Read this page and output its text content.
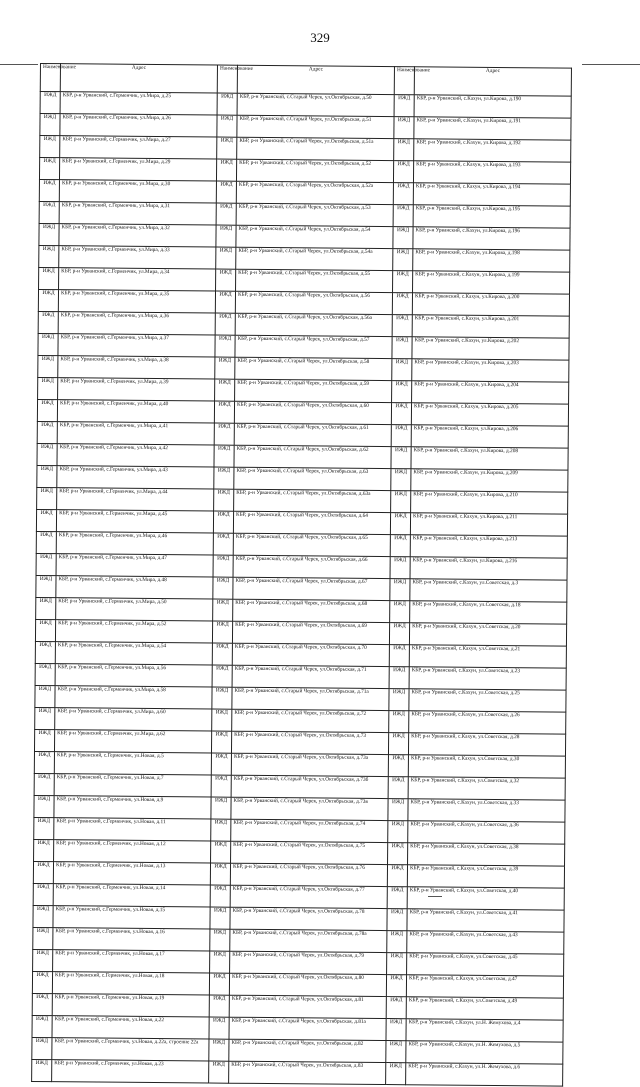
329
Наименование	Адрес	Наименование	Адрес	Наименование	Адрес
ИЖД	КБР, р-н Урванский, с.Герменчик, ул.Мира, д.25	ИЖД	КБР, р-н Урванский, с.Старый Черек, ул.Октябрьская, д.50	ИЖД	КБР, р-н Урванский, с.Кахун, ул.Кирова, д.190
ИЖД	КБР, р-н Урванский, с.Герменчик, ул.Мира, д.26	ИЖД	КБР, р-н Урванский, с.Старый Черек, ул.Октябрьская, д.51	ИЖД	КБР, р-н Урванский, с.Кахун, ул.Кирова, д.191
ИЖД	КБР, р-н Урванский, с.Герменчик, ул.Мира, д.27	ИЖД	КБР, р-н Урванский, с.Старый Черек, ул.Октябрьская, д.51а	ИЖД	КБР, р-н Урванский, с.Кахун, ул.Кирова, д.192
ИЖД	КБР, р-н Урванский, с.Герменчик, ул.Мира, д.29	ИЖД	КБР, р-н Урванский, с.Старый Черек, ул.Октябрьская, д.52	ИЖД	КБР, р-н Урванский, с.Кахун, ул.Кирова, д.193
ИЖД	КБР, р-н Урванский, с.Герменчик, ул.Мира, д.30	ИЖД	КБР, р-н Урванский, с.Старый Черек, ул.Октябрьская, д.52а	ИЖД	КБР, р-н Урванский, с.Кахун, ул.Кирова, д.194
ИЖД	КБР, р-н Урванский, с.Герменчик, ул.Мира, д.31	ИЖД	КБР, р-н Урванский, с.Старый Черек, ул.Октябрьская, д.53	ИЖД	КБР, р-н Урванский, с.Кахун, ул.Кирова, д.195
ИЖД	КБР, р-н Урванский, с.Герменчик, ул.Мира, д.32	ИЖД	КБР, р-н Урванский, с.Старый Черек, ул.Октябрьская, д.54	ИЖД	КБР, р-н Урванский, с.Кахун, ул.Кирова, д.196
ИЖД	КБР, р-н Урванский, с.Герменчик, ул.Мира, д.33	ИЖД	КБР, р-н Урванский, с.Старый Черек, ул.Октябрьская, д.54а	ИЖД	КБР, р-н Урванский, с.Кахун, ул.Кирова, д.198
ИЖД	КБР, р-н Урванский, с.Герменчик, ул.Мира, д.34	ИЖД	КБР, р-н Урванский, с.Старый Черек, ул.Октябрьская, д.55	ИЖД	КБР, р-н Урванский, с.Кахун, ул.Кирова, д.199
ИЖД	КБР, р-н Урванский, с.Герменчик, ул.Мира, д.35	ИЖД	КБР, р-н Урванский, с.Старый Черек, ул.Октябрьская, д.56	ИЖД	КБР, р-н Урванский, с.Кахун, ул.Кирова, д.200
ИЖД	КБР, р-н Урванский, с.Герменчик, ул.Мира, д.36	ИЖД	КБР, р-н Урванский, с.Старый Черек, ул.Октябрьская, д.56а	ИЖД	КБР, р-н Урванский, с.Кахун, ул.Кирова, д.201
ИЖД	КБР, р-н Урванский, с.Герменчик, ул.Мира, д.37	ИЖД	КБР, р-н Урванский, с.Старый Черек, ул.Октябрьская, д.57	ИЖД	КБР, р-н Урванский, с.Кахун, ул.Кирова, д.202
ИЖД	КБР, р-н Урванский, с.Герменчик, ул.Мира, д.38	ИЖД	КБР, р-н Урванский, с.Старый Черек, ул.Октябрьская, д.58	ИЖД	КБР, р-н Урванский, с.Кахун, ул.Кирова, д.203
ИЖД	КБР, р-н Урванский, с.Герменчик, ул.Мира, д.39	ИЖД	КБР, р-н Урванский, с.Старый Черек, ул.Октябрьская, д.59	ИЖД	КБР, р-н Урванский, с.Кахун, ул.Кирова, д.204
ИЖД	КБР, р-н Урванский, с.Герменчик, ул.Мира, д.40	ИЖД	КБР, р-н Урванский, с.Старый Черек, ул.Октябрьская, д.60	ИЖД	КБР, р-н Урванский, с.Кахун, ул.Кирова, д.205
ИЖД	КБР, р-н Урванский, с.Герменчик, ул.Мира, д.41	ИЖД	КБР, р-н Урванский, с.Старый Черек, ул.Октябрьская, д.61	ИЖД	КБР, р-н Урванский, с.Кахун, ул.Кирова, д.206
ИЖД	КБР, р-н Урванский, с.Герменчик, ул.Мира, д.42	ИЖД	КБР, р-н Урванский, с.Старый Черек, ул.Октябрьская, д.62	ИЖД	КБР, р-н Урванский, с.Кахун, ул.Кирова, д.208
ИЖД	КБР, р-н Урванский, с.Герменчик, ул.Мира, д.43	ИЖД	КБР, р-н Урванский, с.Старый Черек, ул.Октябрьская, д.63	ИЖД	КБР, р-н Урванский, с.Кахун, ул.Кирова, д.209
ИЖД	КБР, р-н Урванский, с.Герменчик, ул.Мира, д.44	ИЖД	КБР, р-н Урванский, с.Старый Черек, ул.Октябрьская, д.63а	ИЖД	КБР, р-н Урванский, с.Кахун, ул.Кирова, д.210
ИЖД	КБР, р-н Урванский, с.Герменчик, ул.Мира, д.45	ИЖД	КБР, р-н Урванский, с.Старый Черек, ул.Октябрьская, д.64	ИЖД	КБР, р-н Урванский, с.Кахун, ул.Кирова, д.211
ИЖД	КБР, р-н Урванский, с.Герменчик, ул.Мира, д.46	ИЖД	КБР, р-н Урванский, с.Старый Черек, ул.Октябрьская, д.65	ИЖД	КБР, р-н Урванский, с.Кахун, ул.Кирова, д.213
ИЖД	КБР, р-н Урванский, с.Герменчик, ул.Мира, д.47	ИЖД	КБР, р-н Урванский, с.Старый Черек, ул.Октябрьская, д.66	ИЖД	КБР, р-н Урванский, с.Кахун, ул.Кирова, д.216
ИЖД	КБР, р-н Урванский, с.Герменчик, ул.Мира, д.48	ИЖД	КБР, р-н Урванский, с.Старый Черек, ул.Октябрьская, д.67	ИЖД	КБР, р-н Урванский, с.Кахун, ул.Советская, д.3
ИЖД	КБР, р-н Урванский, с.Герменчик, ул.Мира, д.50	ИЖД	КБР, р-н Урванский, с.Старый Черек, ул.Октябрьская, д.68	ИЖД	КБР, р-н Урванский, с.Кахун, ул.Советская, д.18
ИЖД	КБР, р-н Урванский, с.Герменчик, ул.Мира, д.52	ИЖД	КБР, р-н Урванский, с.Старый Черек, ул.Октябрьская, д.69	ИЖД	КБР, р-н Урванский, с.Кахун, ул.Советская, д.20
ИЖД	КБР, р-н Урванский, с.Герменчик, ул.Мира, д.54	ИЖД	КБР, р-н Урванский, с.Старый Черек, ул.Октябрьская, д.70	ИЖД	КБР, р-н Урванский, с.Кахун, ул.Советская, д.21
ИЖД	КБР, р-н Урванский, с.Герменчик, ул.Мира, д.56	ИЖД	КБР, р-н Урванский, с.Старый Черек, ул.Октябрьская, д.71	ИЖД	КБР, р-н Урванский, с.Кахун, ул.Советская, д.23
ИЖД	КБР, р-н Урванский, с.Герменчик, ул.Мира, д.58	ИЖД	КБР, р-н Урванский, с.Старый Черек, ул.Октябрьская, д.71а	ИЖД	КБР, р-н Урванский, с.Кахун, ул.Советская, д.25
ИЖД	КБР, р-н Урванский, с.Герменчик, ул.Мира, д.60	ИЖД	КБР, р-н Урванский, с.Старый Черек, ул.Октябрьская, д.72	ИЖД	КБР, р-н Урванский, с.Кахун, ул.Советская, д.26
ИЖД	КБР, р-н Урванский, с.Герменчик, ул.Мира, д.62	ИЖД	КБР, р-н Урванский, с.Старый Черек, ул.Октябрьская, д.73	ИЖД	КБР, р-н Урванский, с.Кахун, ул.Советская, д.28
ИЖД	КБР, р-н Урванский, с.Герменчик, ул.Новая, д.5	ИЖД	КБР, р-н Урванский, с.Старый Черек, ул.Октябрьская, д.73а	ИЖД	КБР, р-н Урванский, с.Кахун, ул.Советская, д.30
ИЖД	КБР, р-н Урванский, с.Герменчик, ул.Новая, д.7	ИЖД	КБР, р-н Урванский, с.Старый Черек, ул.Октябрьская, д.73б	ИЖД	КБР, р-н Урванский, с.Кахун, ул.Советская, д.32
ИЖД	КБР, р-н Урванский, с.Герменчик, ул.Новая, д.9	ИЖД	КБР, р-н Урванский, с.Старый Черек, ул.Октябрьская, д.73в	ИЖД	КБР, р-н Урванский, с.Кахун, ул.Советская, д.33
ИЖД	КБР, р-н Урванский, с.Герменчик, ул.Новая, д.11	ИЖД	КБР, р-н Урванский, с.Старый Черек, ул.Октябрьская, д.74	ИЖД	КБР, р-н Урванский, с.Кахун, ул.Советская, д.36
ИЖД	КБР, р-н Урванский, с.Герменчик, ул.Новая, д.12	ИЖД	КБР, р-н Урванский, с.Старый Черек, ул.Октябрьская, д.75	ИЖД	КБР, р-н Урванский, с.Кахун, ул.Советская, д.38
ИЖД	КБР, р-н Урванский, с.Герменчик, ул.Новая, д.13	ИЖД	КБР, р-н Урванский, с.Старый Черек, ул.Октябрьская, д.76	ИЖД	КБР, р-н Урванский, с.Кахун, ул.Советская, д.39
ИЖД	КБР, р-н Урванский, с.Герменчик, ул.Новая, д.14	ИЖД	КБР, р-н Урванский, с.Старый Черек, ул.Октябрьская, д.77	ИЖД	КБР, р-н Урванский, с.Кахун, ул.Советская, д.40
ИЖД	КБР, р-н Урванский, с.Герменчик, ул.Новая, д.15	ИЖД	КБР, р-н Урванский, с.Старый Черек, ул.Октябрьская, д.78	ИЖД	КБР, р-н Урванский, с.Кахун, ул.Советская, д.41
ИЖД	КБР, р-н Урванский, с.Герменчик, ул.Новая, д.16	ИЖД	КБР, р-н Урванский, с.Старый Черек, ул.Октябрьская, д.78а	ИЖД	КБР, р-н Урванский, с.Кахун, ул.Советская, д.43
ИЖД	КБР, р-н Урванский, с.Герменчик, ул.Новая, д.17	ИЖД	КБР, р-н Урванский, с.Старый Черек, ул.Октябрьская, д.79	ИЖД	КБР, р-н Урванский, с.Кахун, ул.Советская, д.45
ИЖД	КБР, р-н Урванский, с.Герменчик, ул.Новая, д.18	ИЖД	КБР, р-н Урванский, с.Старый Черек, ул.Октябрьская, д.80	ИЖД	КБР, р-н Урванский, с.Кахун, ул.Советская, д.47
ИЖД	КБР, р-н Урванский, с.Герменчик, ул.Новая, д.19	ИЖД	КБР, р-н Урванский, с.Старый Черек, ул.Октябрьская, д.81	ИЖД	КБР, р-н Урванский, с.Кахун, ул.Советская, д.49
ИЖД	КБР, р-н Урванский, с.Герменчик, ул.Новая, д.22	ИЖД	КБР, р-н Урванский, с.Старый Черек, ул.Октябрьская, д.81а	ИЖД	КБР, р-н Урванский, с.Кахун, ул.Н. Жемухова, д.4
ИЖД	КБР, р-н Урванский, с.Герменчик, ул.Новая, д.22а, строение 22а	ИЖД	КБР, р-н Урванский, с.Старый Черек, ул.Октябрьская, д.82	ИЖД	КБР, р-н Урванский, с.Кахун, ул.Н. Жемухова, д.5
ИЖД	КБР, р-н Урванский, с.Герменчик, ул.Новая, д.23	ИЖД	КБР, р-н Урванский, с.Старый Черек, ул.Октябрьская, д.83	ИЖД	КБР, р-н Урванский, с.Кахун, ул.Н. Жемухова, д.6
